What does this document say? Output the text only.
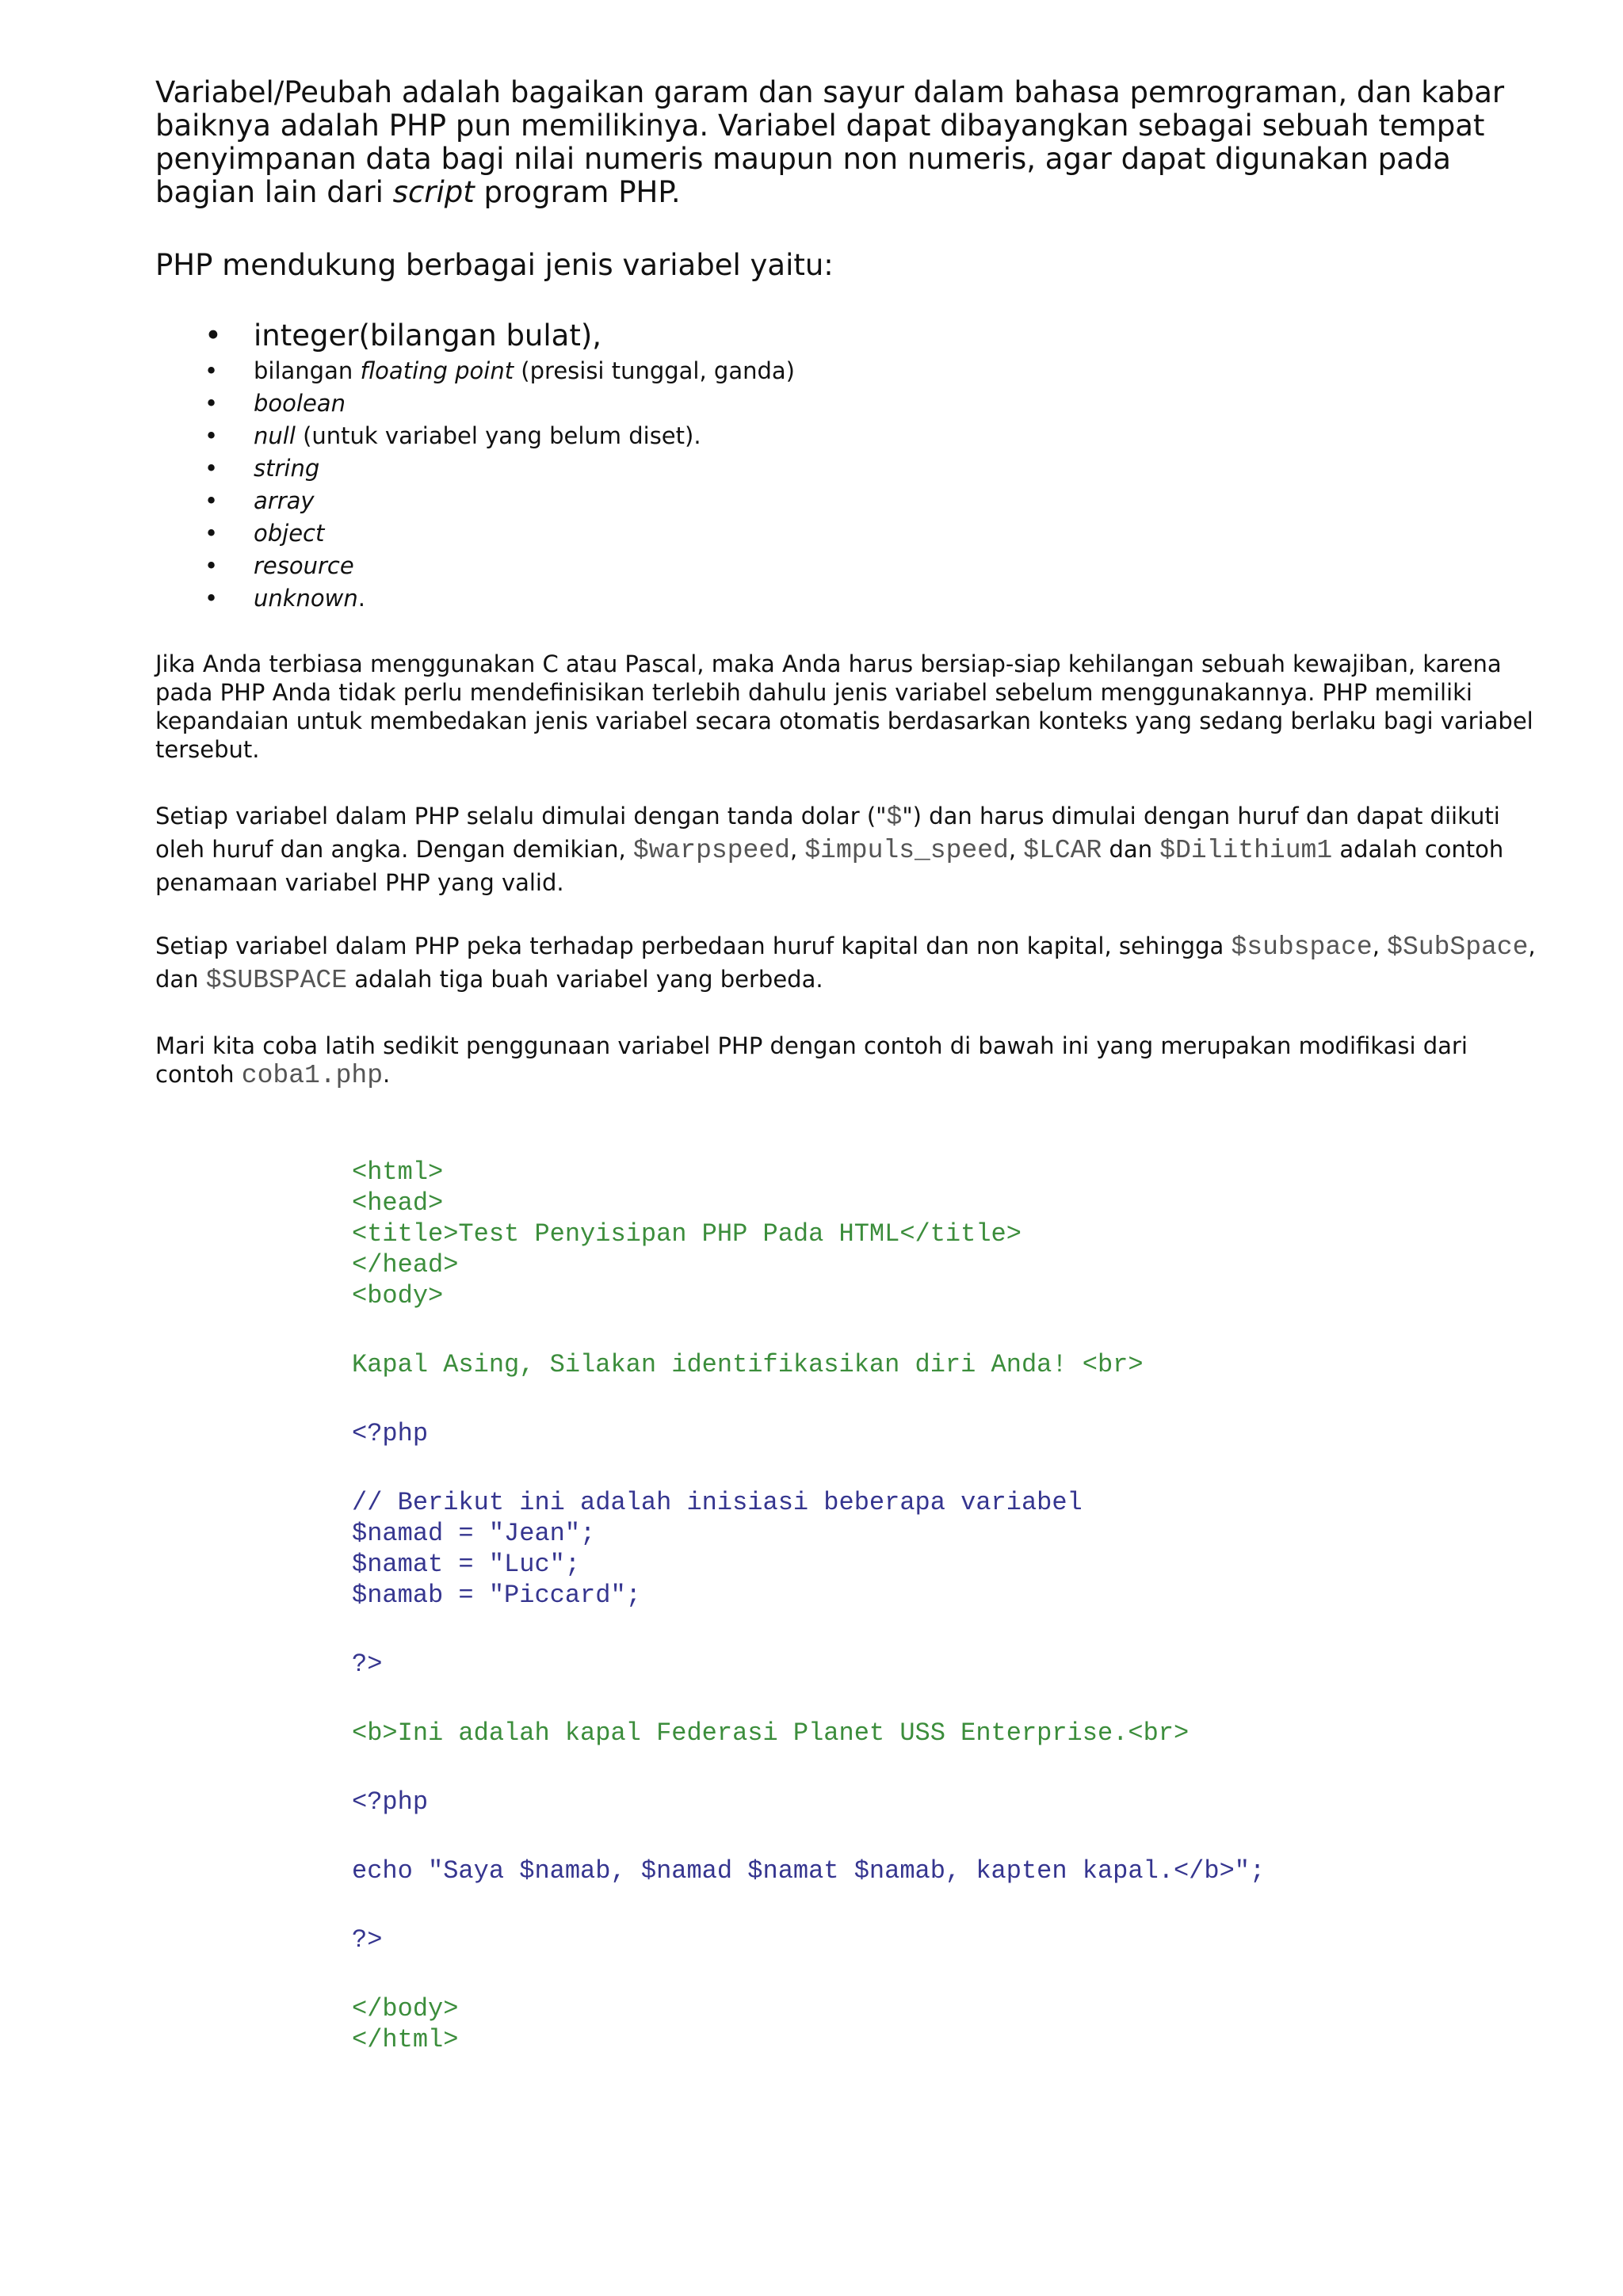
Variabel/Peubah adalah bagaikan garam dan sayur dalam bahasa pemrograman, dan kabar baiknya adalah PHP pun memilikinya. Variabel dapat dibayangkan sebagai sebuah tempat penyimpanan data bagi nilai numeris maupun non numeris, agar dapat digunakan pada bagian lain dari script program PHP.

PHP mendukung berbagai jenis variabel yaitu:

• integer(bilangan bulat),
• bilangan floating point (presisi tunggal, ganda)
• boolean
• null (untuk variabel yang belum diset).
• string
• array
• object
• resource
• unknown.

Jika Anda terbiasa menggunakan C atau Pascal, maka Anda harus bersiap-siap kehilangan sebuah kewajiban, karena pada PHP Anda tidak perlu mendefinisikan terlebih dahulu jenis variabel sebelum menggunakannya. PHP memiliki kepandaian untuk membedakan jenis variabel secara otomatis berdasarkan konteks yang sedang berlaku bagi variabel tersebut.

Setiap variabel dalam PHP selalu dimulai dengan tanda dolar ("$") dan harus dimulai dengan huruf dan dapat diikuti oleh huruf dan angka. Dengan demikian, $warpspeed, $impuls_speed, $LCAR dan $Dilithium1 adalah contoh penamaan variabel PHP yang valid.

Setiap variabel dalam PHP peka terhadap perbedaan huruf kapital dan non kapital, sehingga $subspace, $SubSpace, dan $SUBSPACE adalah tiga buah variabel yang berbeda.

Mari kita coba latih sedikit penggunaan variabel PHP dengan contoh di bawah ini yang merupakan modifikasi dari contoh coba1.php.

<html>
<head>
<title>Test Penyisipan PHP Pada HTML</title>
</head>
<body>
Kapal Asing, Silakan identifikasikan diri Anda! <br>
<?php
// Berikut ini adalah inisiasi beberapa variabel
$namad = "Jean";
$namat = "Luc";
$namab = "Piccard";
?>
<b>Ini adalah kapal Federasi Planet USS Enterprise.<br>
<?php
echo "Saya $namab, $namad $namat $namab, kapten kapal.</b>";
?>
</body>
</html>
